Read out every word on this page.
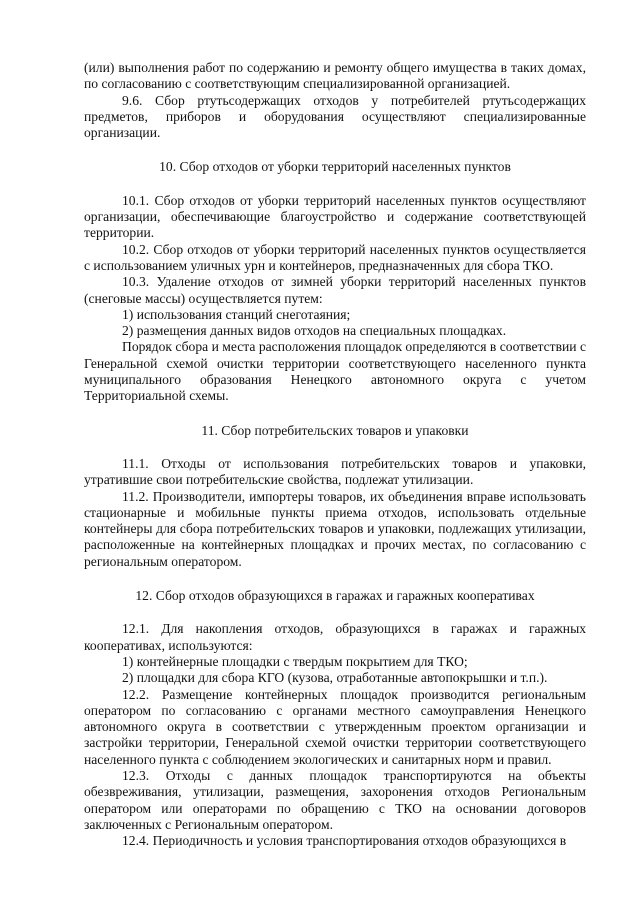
(или) выполнения работ по содержанию и ремонту общего имущества в таких домах, по согласованию с соответствующим специализированной организацией.

9.6. Сбор ртутьсодержащих отходов у потребителей ртутьсодержащих предметов, приборов и оборудования осуществляют специализированные организации.

10. Сбор отходов от уборки территорий населенных пунктов

10.1. Сбор отходов от уборки территорий населенных пунктов осуществляют организации, обеспечивающие благоустройство и содержание соответствующей территории.

10.2. Сбор отходов от уборки территорий населенных пунктов осуществляется с использованием уличных урн и контейнеров, предназначенных для сбора ТКО.

10.3. Удаление отходов от зимней уборки территорий населенных пунктов (снеговые массы) осуществляется путем:

1) использования станций снеготаяния;

2) размещения данных видов отходов на специальных площадках.

Порядок сбора и места расположения площадок определяются в соответствии с Генеральной схемой очистки территории соответствующего населенного пункта муниципального образования Ненецкого автономного округа с учетом Территориальной схемы.

11. Сбор потребительских товаров и упаковки

11.1. Отходы от использования потребительских товаров и упаковки, утратившие свои потребительские свойства, подлежат утилизации.

11.2. Производители, импортеры товаров, их объединения вправе использовать стационарные и мобильные пункты приема отходов, использовать отдельные контейнеры для сбора потребительских товаров и упаковки, подлежащих утилизации, расположенные на контейнерных площадках и прочих местах, по согласованию с региональным оператором.

12. Сбор отходов образующихся в гаражах и гаражных кооперативах

12.1. Для накопления отходов, образующихся в гаражах и гаражных кооперативах, используются:

1) контейнерные площадки с твердым покрытием для ТКО;

2) площадки для сбора КГО (кузова, отработанные автопокрышки и т.п.).

12.2. Размещение контейнерных площадок производится региональным оператором по согласованию с органами местного самоуправления Ненецкого автономного округа в соответствии с утвержденным проектом организации и застройки территории, Генеральной схемой очистки территории соответствующего населенного пункта с соблюдением экологических и санитарных норм и правил.

12.3. Отходы с данных площадок транспортируются на объекты обезвреживания, утилизации, размещения, захоронения отходов Региональным оператором или операторами по обращению с ТКО на основании договоров заключенных с Региональным оператором.

12.4. Периодичность и условия транспортирования отходов образующихся в
